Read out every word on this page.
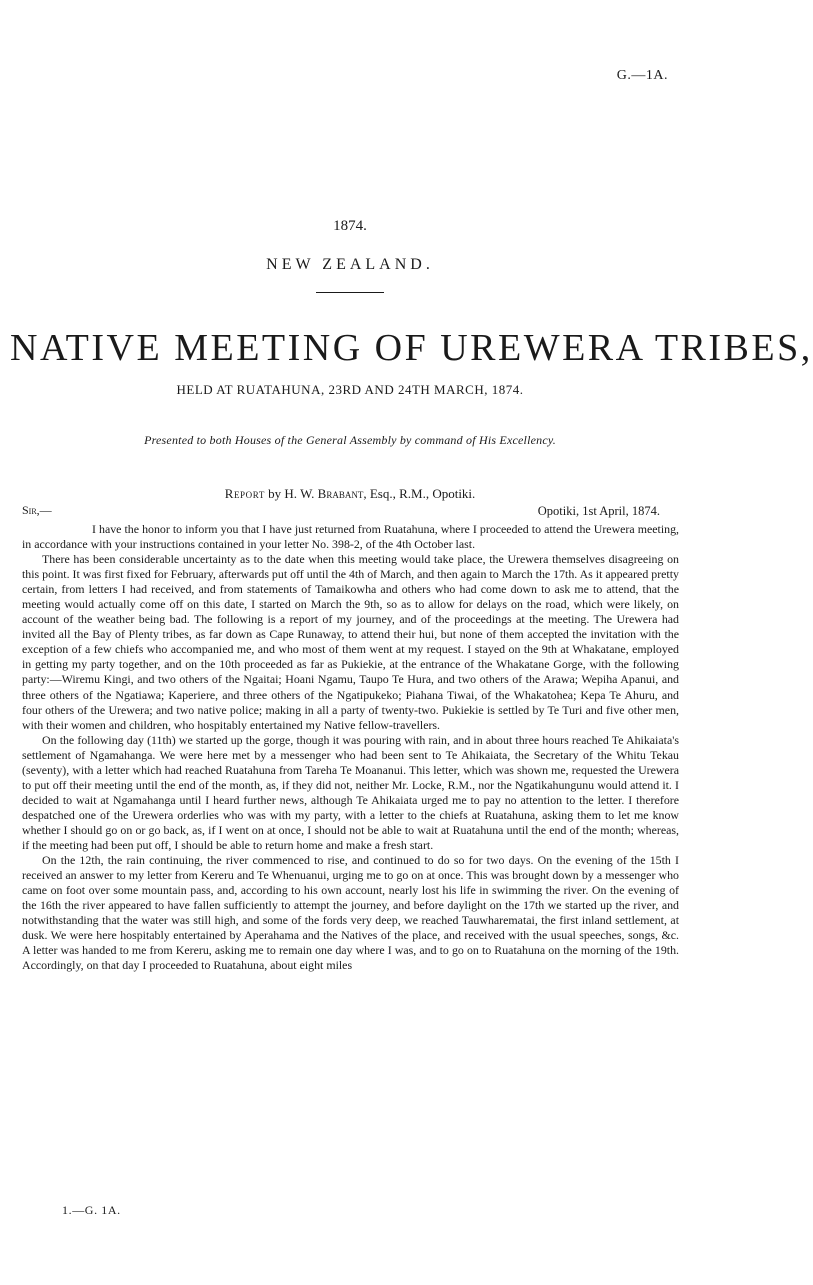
G.—1A.
1874.
NEW ZEALAND.
NATIVE MEETING OF UREWERA TRIBES,
HELD AT RUATAHUNA, 23RD AND 24TH MARCH, 1874.
Presented to both Houses of the General Assembly by command of His Excellency.
Report by H. W. Brabant, Esq., R.M., Opotiki.
Sir,—	Opotiki, 1st April, 1874.

I have the honor to inform you that I have just returned from Ruatahuna, where I proceeded to attend the Urewera meeting, in accordance with your instructions contained in your letter No. 398-2, of the 4th October last.

There has been considerable uncertainty as to the date when this meeting would take place, the Urewera themselves disagreeing on this point. It was first fixed for February, afterwards put off until the 4th of March, and then again to March the 17th. As it appeared pretty certain, from letters I had received, and from statements of Tamaikowha and others who had come down to ask me to attend, that the meeting would actually come off on this date, I started on March the 9th, so as to allow for delays on the road, which were likely, on account of the weather being bad. The following is a report of my journey, and of the proceedings at the meeting. The Urewera had invited all the Bay of Plenty tribes, as far down as Cape Runaway, to attend their hui, but none of them accepted the invitation with the exception of a few chiefs who accompanied me, and who most of them went at my request. I stayed on the 9th at Whakatane, employed in getting my party together, and on the 10th proceeded as far as Pukiekie, at the entrance of the Whakatane Gorge, with the following party:—Wiremu Kingi, and two others of the Ngaitai; Hoani Ngamu, Taupo Te Hura, and two others of the Arawa; Wepiha Apanui, and three others of the Ngatiawa; Kaperiere, and three others of the Ngatipukeko; Piahana Tiwai, of the Whakatohea; Kepa Te Ahuru, and four others of the Urewera; and two native police; making in all a party of twenty-two. Pukiekie is settled by Te Turi and five other men, with their women and children, who hospitably entertained my Native fellow-travellers.

On the following day (11th) we started up the gorge, though it was pouring with rain, and in about three hours reached Te Ahikaiata's settlement of Ngamahanga. We were here met by a messenger who had been sent to Te Ahikaiata, the Secretary of the Whitu Tekau (seventy), with a letter which had reached Ruatahuna from Tareha Te Moananui. This letter, which was shown me, requested the Urewera to put off their meeting until the end of the month, as, if they did not, neither Mr. Locke, R.M., nor the Ngatikahungunu would attend it. I decided to wait at Ngamahanga until I heard further news, although Te Ahikaiata urged me to pay no attention to the letter. I therefore despatched one of the Urewera orderlies who was with my party, with a letter to the chiefs at Ruatahuna, asking them to let me know whether I should go on or go back, as, if I went on at once, I should not be able to wait at Ruatahuna until the end of the month; whereas, if the meeting had been put off, I should be able to return home and make a fresh start.

On the 12th, the rain continuing, the river commenced to rise, and continued to do so for two days. On the evening of the 15th I received an answer to my letter from Kereru and Te Whenuanui, urging me to go on at once. This was brought down by a messenger who came on foot over some mountain pass, and, according to his own account, nearly lost his life in swimming the river. On the evening of the 16th the river appeared to have fallen sufficiently to attempt the journey, and before daylight on the 17th we started up the river, and notwithstanding that the water was still high, and some of the fords very deep, we reached Tauwharematai, the first inland settlement, at dusk. We were here hospitably entertained by Aperahama and the Natives of the place, and received with the usual speeches, songs, &c. A letter was handed to me from Kereru, asking me to remain one day where I was, and to go on to Ruatahuna on the morning of the 19th. Accordingly, on that day I proceeded to Ruatahuna, about eight miles

1.—G. 1A.
